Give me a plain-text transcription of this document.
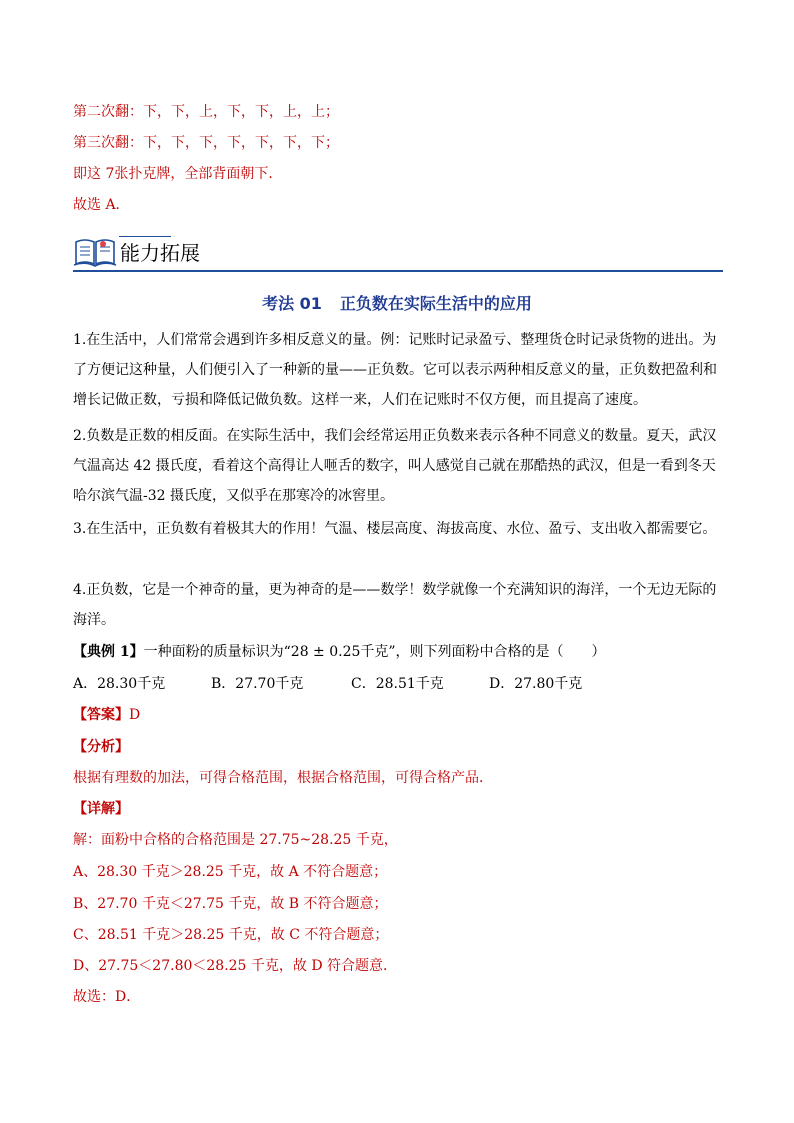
第二次翻：下，下，上，下，下，上，上；
第三次翻：下，下，下，下，下，下，下；
即这 7张扑克牌，全部背面朝下．
故选 A．
能力拓展
考法 01 正负数在实际生活中的应用
1.在生活中，人们常常会遇到许多相反意义的量。例：记账时记录盈亏、整理货仓时记录货物的进出。为了方便记这种量，人们便引入了一种新的量——正负数。它可以表示两种相反意义的量，正负数把盈利和增长记做正数，亏损和降低记做负数。这样一来，人们在记账时不仅方便，而且提高了速度。
2.负数是正数的相反面。在实际生活中，我们会经常运用正负数来表示各种不同意义的数量。夏天，武汉气温高达 42 摄氏度，看着这个高得让人咂舌的数字，叫人感觉自己就在那酷热的武汉，但是一看到冬天哈尔滨气温-32 摄氏度，又似乎在那寒冷的冰窖里。
3.在生活中，正负数有着极其大的作用！气温、楼层高度、海拔高度、水位、盈亏、支出收入都需要它。
4.正负数，它是一个神奇的量，更为神奇的是——数学！数学就像一个充满知识的海洋，一个无边无际的海洋。
【典例 1】一种面粉的质量标识为“28 ± 0.25千克”，则下列面粉中合格的是（　　）
A．28.30千克	B．27.70千克	C．28.51千克	D．27.80千克
【答案】D
【分析】
根据有理数的加法，可得合格范围，根据合格范围，可得合格产品．
【详解】
解：面粉中合格的合格范围是 27.75~28.25 千克，
A、28.30 千克＞28.25 千克，故 A 不符合题意；
B、27.70 千克＜27.75 千克，故 B 不符合题意；
C、28.51 千克＞28.25 千克，故 C 不符合题意；
D、27.75＜27.80＜28.25 千克，故 D 符合题意．
故选：D．
